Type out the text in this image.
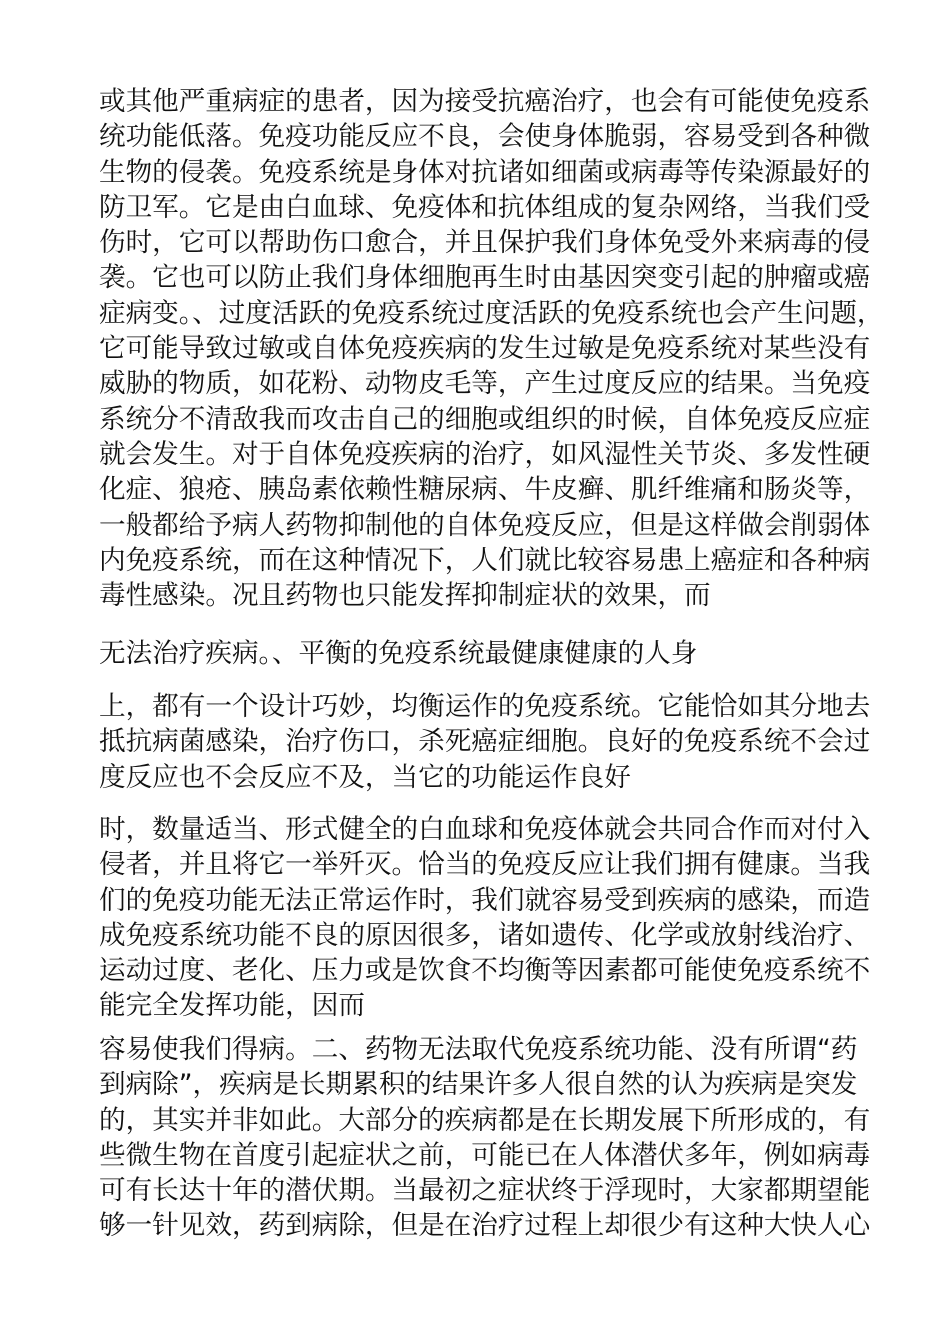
或其他严重病症的患者，因为接受抗癌治疗，也会有可能使免疫系
统功能低落。免疫功能反应不良，会使身体脆弱，容易受到各种微
生物的侵袭。免疫系统是身体对抗诸如细菌或病毒等传染源最好的
防卫军。它是由白血球、免疫体和抗体组成的复杂网络，当我们受
伤时，它可以帮助伤口愈合，并且保护我们身体免受外来病毒的侵
袭。它也可以防止我们身体细胞再生时由基因突变引起的肿瘤或癌
症病变。、过度活跃的免疫系统过度活跃的免疫系统也会产生问题，
它可能导致过敏或自体免疫疾病的发生过敏是免疫系统对某些没有
威胁的物质，如花粉、动物皮毛等，产生过度反应的结果。当免疫
系统分不清敌我而攻击自己的细胞或组织的时候，自体免疫反应症
就会发生。对于自体免疫疾病的治疗，如风湿性关节炎、多发性硬
化症、狼疮、胰岛素依赖性糖尿病、牛皮癣、肌纤维痛和肠炎等，
一般都给予病人药物抑制他的自体免疫反应，但是这样做会削弱体
内免疫系统，而在这种情况下，人们就比较容易患上癌症和各种病
毒性感染。况且药物也只能发挥抑制症状的效果，而
无法治疗疾病。、平衡的免疫系统最健康健康的人身
上，都有一个设计巧妙，均衡运作的免疫系统。它能恰如其分地去
抵抗病菌感染，治疗伤口，杀死癌症细胞。良好的免疫系统不会过
度反应也不会反应不及，当它的功能运作良好
时，数量适当、形式健全的白血球和免疫体就会共同合作而对付入
侵者，并且将它一举歼灭。恰当的免疫反应让我们拥有健康。当我
们的免疫功能无法正常运作时，我们就容易受到疾病的感染，而造
成免疫系统功能不良的原因很多，诸如遗传、化学或放射线治疗、
运动过度、老化、压力或是饮食不均衡等因素都可能使免疫系统不
能完全发挥功能，因而
容易使我们得病。二、药物无法取代免疫系统功能、没有所谓“药
到病除”，疾病是长期累积的结果许多人很自然的认为疾病是突发
的，其实并非如此。大部分的疾病都是在长期发展下所形成的，有
些微生物在首度引起症状之前，可能已在人体潜伏多年，例如病毒
可有长达十年的潜伏期。当最初之症状终于浮现时，大家都期望能
够一针见效，药到病除，但是在治疗过程上却很少有这种大快人心
